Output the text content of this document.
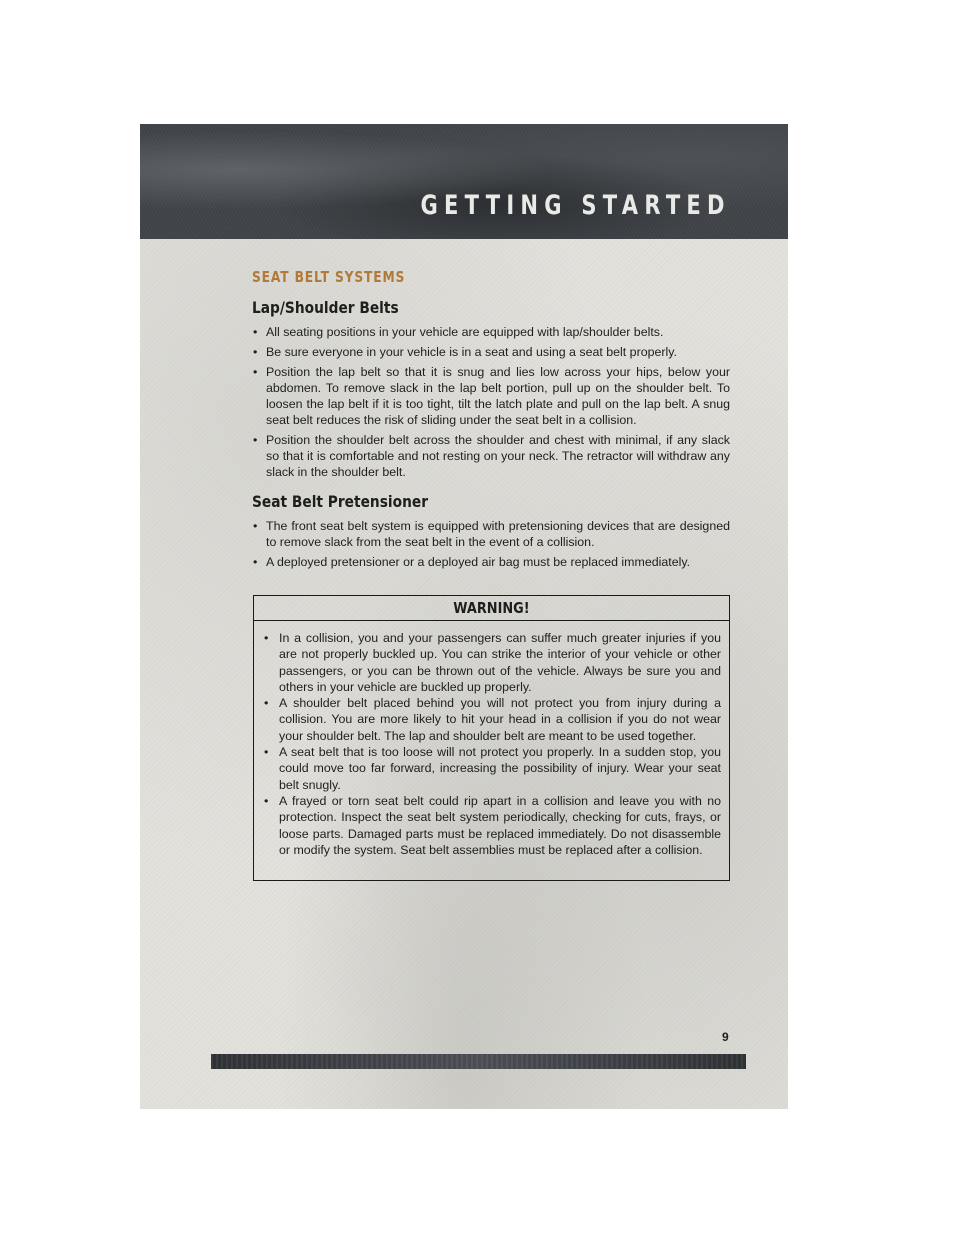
GETTING STARTED
SEAT BELT SYSTEMS
Lap/Shoulder Belts
• All seating positions in your vehicle are equipped with lap/shoulder belts.
• Be sure everyone in your vehicle is in a seat and using a seat belt properly.
• Position the lap belt so that it is snug and lies low across your hips, below your abdomen. To remove slack in the lap belt portion, pull up on the shoulder belt. To loosen the lap belt if it is too tight, tilt the latch plate and pull on the lap belt. A snug seat belt reduces the risk of sliding under the seat belt in a collision.
• Position the shoulder belt across the shoulder and chest with minimal, if any slack so that it is comfortable and not resting on your neck. The retractor will withdraw any slack in the shoulder belt.
Seat Belt Pretensioner
• The front seat belt system is equipped with pretensioning devices that are designed to remove slack from the seat belt in the event of a collision.
• A deployed pretensioner or a deployed air bag must be replaced immediately.
WARNING!
• In a collision, you and your passengers can suffer much greater injuries if you are not properly buckled up. You can strike the interior of your vehicle or other passengers, or you can be thrown out of the vehicle. Always be sure you and others in your vehicle are buckled up properly.
• A shoulder belt placed behind you will not protect you from injury during a collision. You are more likely to hit your head in a collision if you do not wear your shoulder belt. The lap and shoulder belt are meant to be used together.
• A seat belt that is too loose will not protect you properly. In a sudden stop, you could move too far forward, increasing the possibility of injury. Wear your seat belt snugly.
• A frayed or torn seat belt could rip apart in a collision and leave you with no protection. Inspect the seat belt system periodically, checking for cuts, frays, or loose parts. Damaged parts must be replaced immediately. Do not disassemble or modify the system. Seat belt assemblies must be replaced after a collision.
9
